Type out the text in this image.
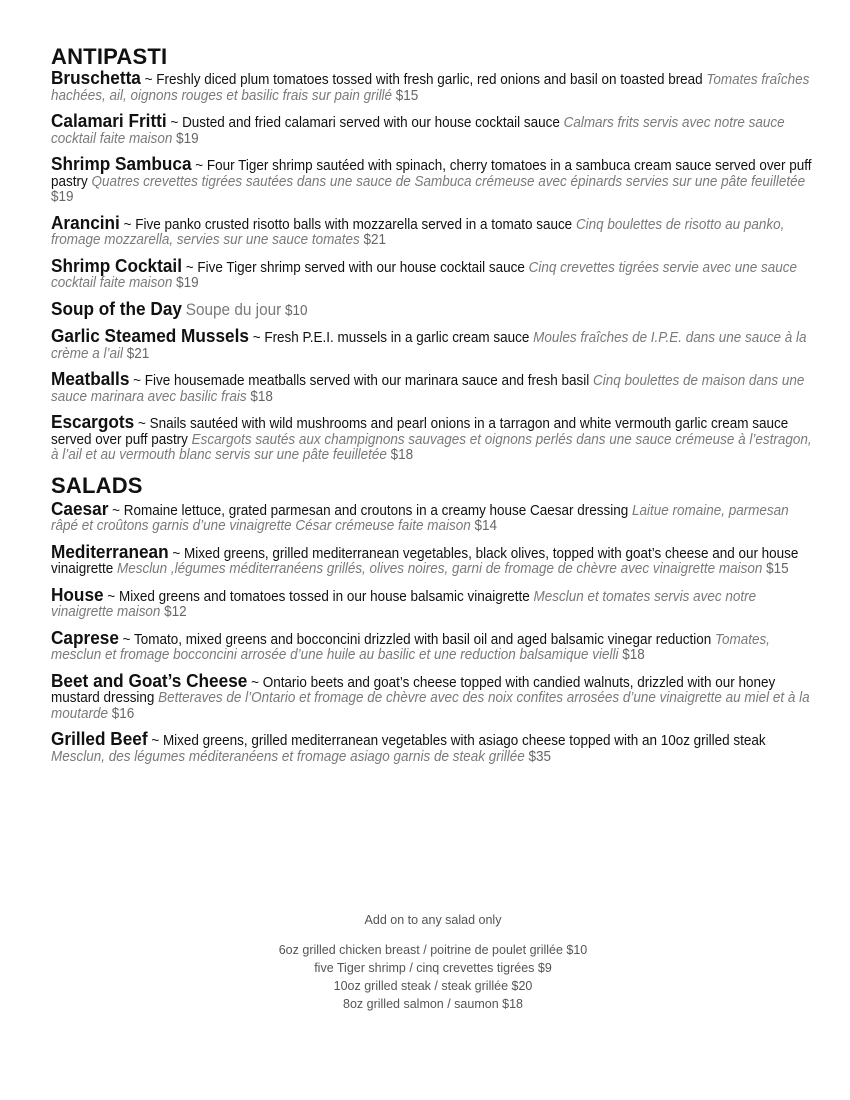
ANTIPASTI

Bruschetta ~ Freshly diced plum tomatoes tossed with fresh garlic, red onions and basil on toasted bread Tomates fraîches hachées, ail, oignons rouges et basilic frais sur pain grillé $15

Calamari Fritti ~ Dusted and fried calamari served with our house cocktail sauce Calmars frits servis avec notre sauce cocktail faite maison $19

Shrimp Sambuca ~ Four Tiger shrimp sautéed with spinach, cherry tomatoes in a sambuca cream sauce served over puff pastry Quatres crevettes tigrées sautées dans une sauce de Sambuca crémeuse avec épinards servies sur une pâte feuilletée $19

Arancini ~ Five panko crusted risotto balls with mozzarella served in a tomato sauce Cinq boulettes de risotto au panko, fromage mozzarella, servies sur une sauce tomates $21

Shrimp Cocktail ~ Five Tiger shrimp served with our house cocktail sauce Cinq crevettes tigrées servie avec une sauce cocktail faite maison $19

Soup of the Day Soupe du jour $10

Garlic Steamed Mussels ~ Fresh P.E.I. mussels in a garlic cream sauce Moules fraîches de I.P.E. dans une sauce à la crème a l’ail $21

Meatballs ~ Five housemade meatballs served with our marinara sauce and fresh basil Cinq boulettes de maison dans une sauce marinara avec basilic frais $18

Escargots ~ Snails sautéed with wild mushrooms and pearl onions in a tarragon and white vermouth garlic cream sauce served over puff pastry Escargots sautés aux champignons sauvages et oignons perlés dans une sauce crémeuse à l’estragon, à l’ail et au vermouth blanc servis sur une pâte feuilletée $18

SALADS

Caesar ~ Romaine lettuce, grated parmesan and croutons in a creamy house Caesar dressing Laitue romaine, parmesan râpé et croûtons garnis d’une vinaigrette César crémeuse faite maison $14

Mediterranean ~ Mixed greens, grilled mediterranean vegetables, black olives, topped with goat’s cheese and our house vinaigrette Mesclun ,légumes méditerranéens grillés, olives noires, garni de fromage de chèvre avec vinaigrette maison $15

House ~ Mixed greens and tomatoes tossed in our house balsamic vinaigrette Mesclun et tomates servis avec notre vinaigrette maison $12

Caprese ~ Tomato, mixed greens and bocconcini drizzled with basil oil and aged balsamic vinegar reduction Tomates, mesclun et fromage bocconcini arrosée d’une huile au basilic et une reduction balsamique vielli $18

Beet and Goat’s Cheese ~ Ontario beets and goat’s cheese topped with candied walnuts, drizzled with our honey mustard dressing Betteraves de l’Ontario et fromage de chèvre avec des noix confites arrosées d’une vinaigrette au miel et à la moutarde $16

Grilled Beef ~ Mixed greens, grilled mediterranean vegetables with asiago cheese topped with an 10oz grilled steak Mesclun, des légumes méditeranéens et fromage asiago garnis de steak grillée $35

Add on to any salad only

6oz grilled chicken breast / poitrine de poulet grillée $10

five Tiger shrimp / cinq crevettes tigrées $9

10oz grilled steak / steak grillée $20

8oz grilled salmon / saumon $18
